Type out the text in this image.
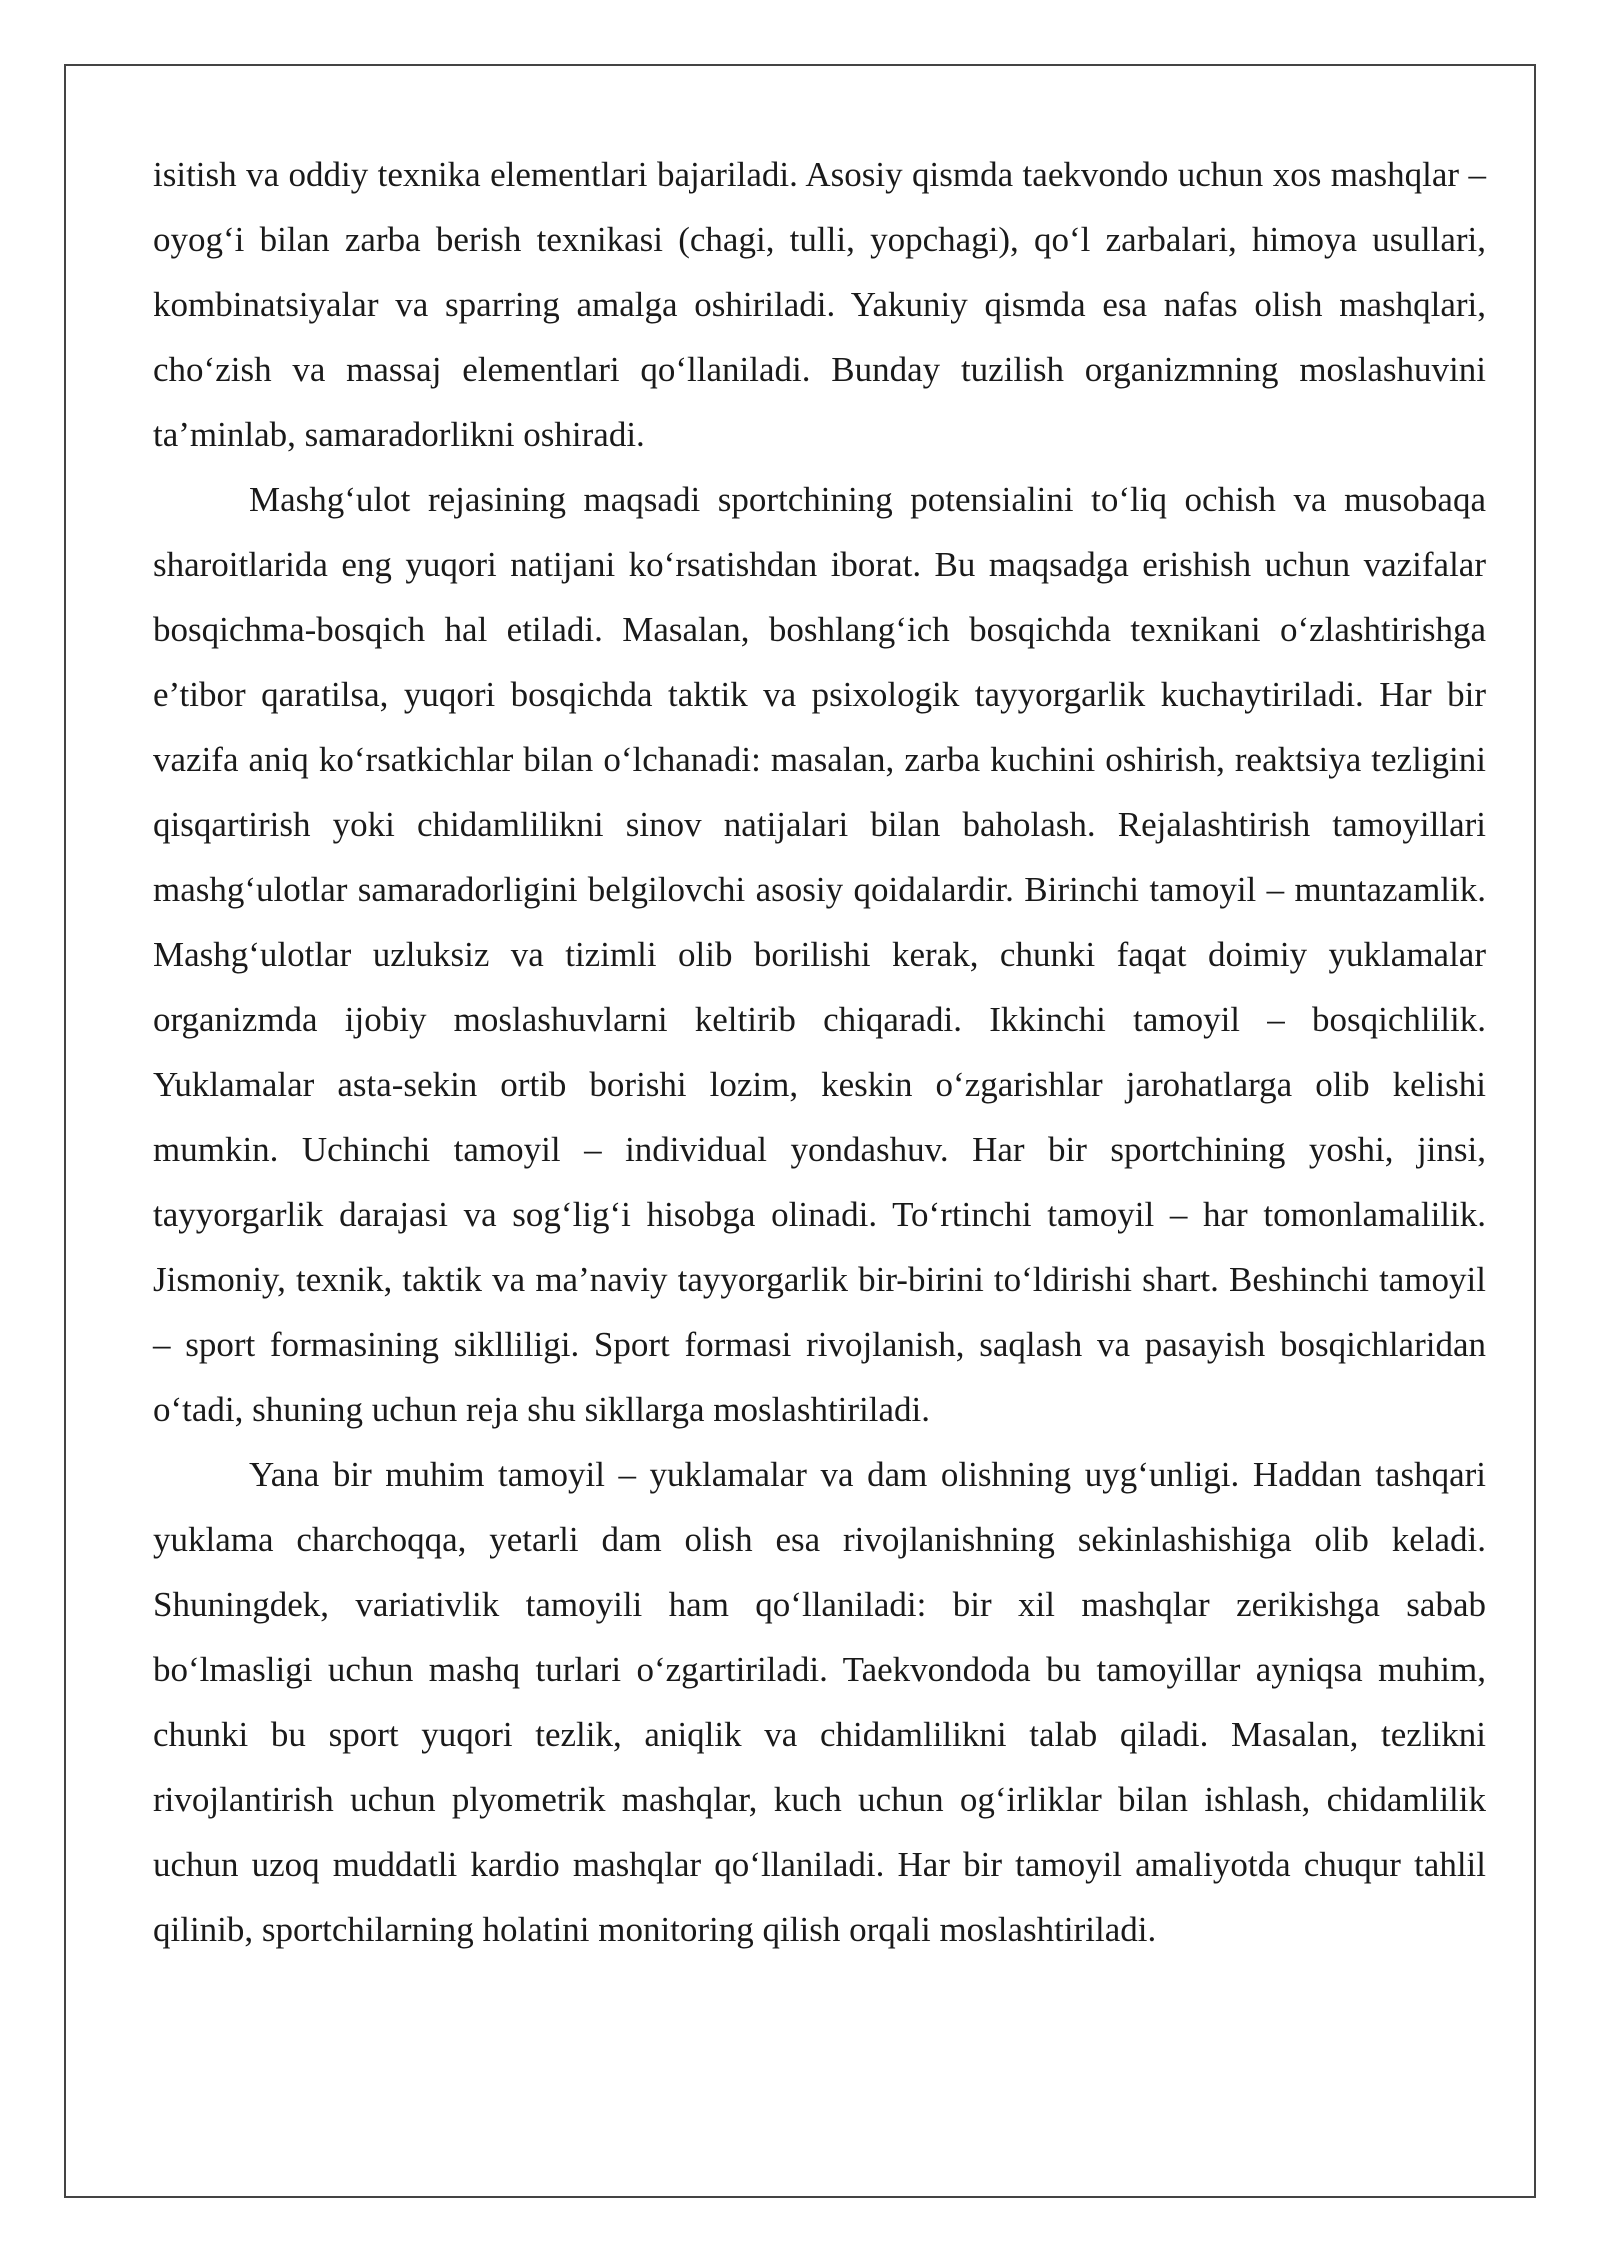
isitish va oddiy texnika elementlari bajariladi. Asosiy qismda taekvondo uchun xos mashqlar – oyog‘i bilan zarba berish texnikasi (chagi, tulli, yopchagi), qo‘l zarbalari, himoya usullari, kombinatsiyalar va sparring amalga oshiriladi. Yakuniy qismda esa nafas olish mashqlari, cho‘zish va massaj elementlari qo‘llaniladi. Bunday tuzilish organizmning moslashuvini ta’minlab, samaradorlikni oshiradi.

Mashg‘ulot rejasining maqsadi sportchining potensialini to‘liq ochish va musobaqa sharoitlarida eng yuqori natijani ko‘rsatishdan iborat. Bu maqsadga erishish uchun vazifalar bosqichma-bosqich hal etiladi. Masalan, boshlang‘ich bosqichda texnikani o‘zlashtirishga e’tibor qaratilsa, yuqori bosqichda taktik va psixologik tayyorgarlik kuchaytiriladi. Har bir vazifa aniq ko‘rsatkichlar bilan o‘lchanadi: masalan, zarba kuchini oshirish, reaktsiya tezligini qisqartirish yoki chidamlilikni sinov natijalari bilan baholash. Rejalashtirish tamoyillari mashg‘ulotlar samaradorligini belgilovchi asosiy qoidalardir. Birinchi tamoyil – muntazamlik. Mashg‘ulotlar uzluksiz va tizimli olib borilishi kerak, chunki faqat doimiy yuklamalar organizmda ijobiy moslashuvlarni keltirib chiqaradi. Ikkinchi tamoyil – bosqichlilik. Yuklamalar asta-sekin ortib borishi lozim, keskin o‘zgarishlar jarohatlarga olib kelishi mumkin. Uchinchi tamoyil – individual yondashuv. Har bir sportchining yoshi, jinsi, tayyorgarlik darajasi va sog‘lig‘i hisobga olinadi. To‘rtinchi tamoyil – har tomonlamalilik. Jismoniy, texnik, taktik va ma’naviy tayyorgarlik bir-birini to‘ldirishi shart. Beshinchi tamoyil – sport formasining siklliligi. Sport formasi rivojlanish, saqlash va pasayish bosqichlaridan o‘tadi, shuning uchun reja shu sikllarga moslashtiriladi.

Yana bir muhim tamoyil – yuklamalar va dam olishning uyg‘unligi. Haddan tashqari yuklama charchoqqa, yetarli dam olish esa rivojlanishning sekinlashishiga olib keladi. Shuningdek, variativlik tamoyili ham qo‘llaniladi: bir xil mashqlar zerikishga sabab bo‘lmasligi uchun mashq turlari o‘zgartiriladi. Taekvondoda bu tamoyillar ayniqsa muhim, chunki bu sport yuqori tezlik, aniqlik va chidamlilikni talab qiladi. Masalan, tezlikni rivojlantirish uchun plyometrik mashqlar, kuch uchun og‘irliklar bilan ishlash, chidamlilik uchun uzoq muddatli kardio mashqlar qo‘llaniladi. Har bir tamoyil amaliyotda chuqur tahlil qilinib, sportchilarning holatini monitoring qilish orqali moslashtiriladi.
